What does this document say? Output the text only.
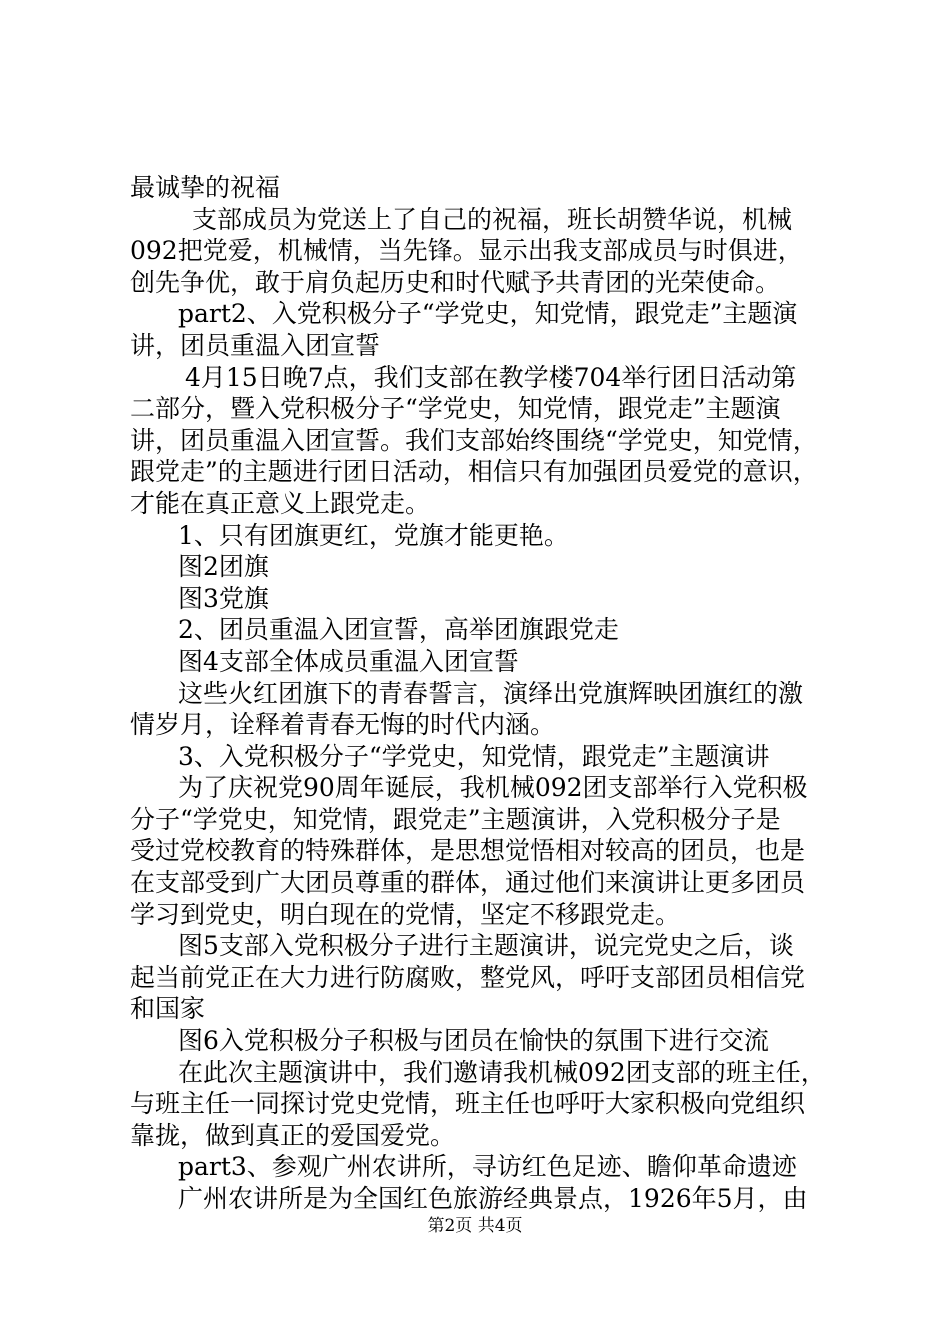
最诚挚的祝福
支部成员为党送上了自己的祝福，班长胡赞华说，机械
092把党爱，机械情，当先锋。显示出我支部成员与时俱进，
创先争优，敢于肩负起历史和时代赋予共青团的光荣使命。
part2、入党积极分子“学党史，知党情，跟党走”主题演
讲，团员重温入团宣誓
4月15日晚7点，我们支部在教学楼704举行团日活动第
二部分，暨入党积极分子“学党史，知党情，跟党走”主题演
讲，团员重温入团宣誓。我们支部始终围绕“学党史，知党情，
跟党走”的主题进行团日活动，相信只有加强团员爱党的意识，
才能在真正意义上跟党走。
1、只有团旗更红，党旗才能更艳。
图2团旗
图3党旗
2、团员重温入团宣誓，高举团旗跟党走
图4支部全体成员重温入团宣誓
这些火红团旗下的青春誓言，演绎出党旗辉映团旗红的激
情岁月，诠释着青春无悔的时代内涵。
3、入党积极分子“学党史，知党情，跟党走”主题演讲
为了庆祝党90周年诞辰，我机械092团支部举行入党积极
分子“学党史，知党情，跟党走”主题演讲，入党积极分子是
受过党校教育的特殊群体，是思想觉悟相对较高的团员，也是
在支部受到广大团员尊重的群体，通过他们来演讲让更多团员
学习到党史，明白现在的党情，坚定不移跟党走。
图5支部入党积极分子进行主题演讲，说完党史之后，谈
起当前党正在大力进行防腐败，整党风，呼吁支部团员相信党
和国家
图6入党积极分子积极与团员在愉快的氛围下进行交流
在此次主题演讲中，我们邀请我机械092团支部的班主任，
与班主任一同探讨党史党情，班主任也呼吁大家积极向党组织
靠拢，做到真正的爱国爱党。
part3、参观广州农讲所，寻访红色足迹、瞻仰革命遗迹
广州农讲所是为全国红色旅游经典景点，1926年5月，由
第2页 共4页
